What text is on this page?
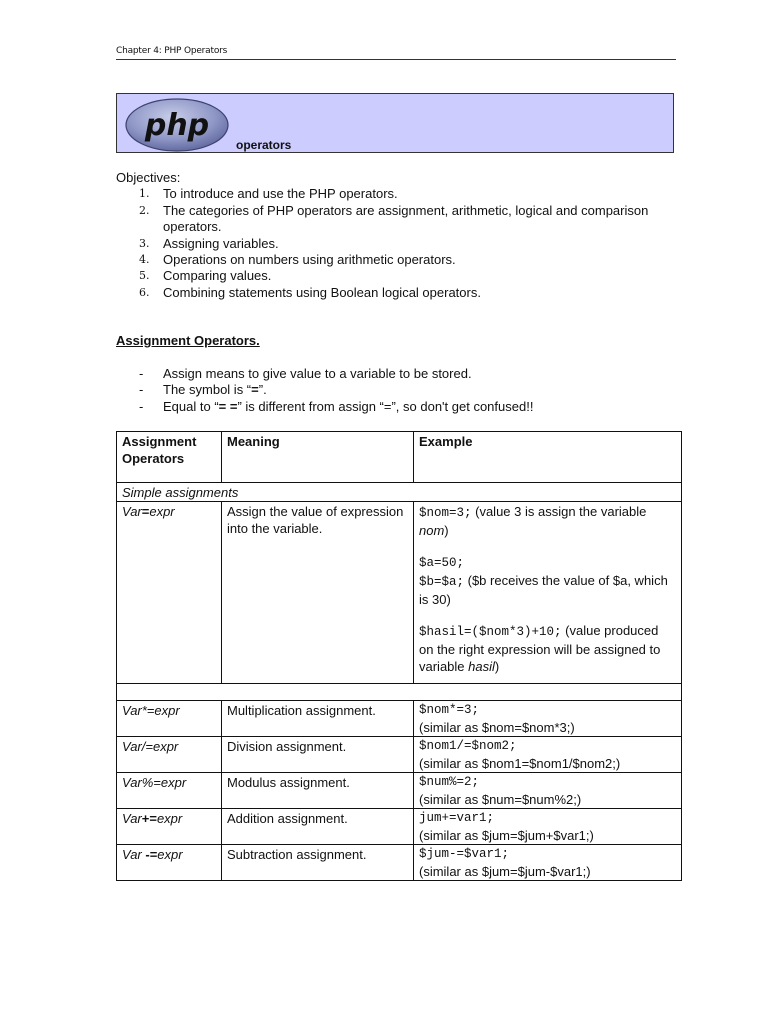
Chapter 4: PHP Operators
php
operators
Objectives:
1. To introduce and use the PHP operators.
2. The categories of PHP operators are assignment, arithmetic, logical and comparison operators.
3. Assigning variables.
4. Operations on numbers using arithmetic operators.
5. Comparing values.
6. Combining statements using Boolean logical operators.
Assignment Operators.
- Assign means to give value to a variable to be stored.
- The symbol is “=”.
- Equal to “= =” is different from assign “=”, so don't get confused!!
Assignment Operators	Meaning	Example
Simple assignments		
Var=expr	Assign the value of expression into the variable.	$nom=3; (value 3 is assign the variable nom)
$a=50;
$b=$a; ($b receives the value of $a, which is 30)
$hasil=($nom*3)+10; (value produced on the right expression will be assigned to variable hasil)

Var*=expr	Multiplication assignment.	$nom*=3;
(similar as $nom=$nom*3;)

Var/=expr	Division assignment.	$nom1/=$nom2;
(similar as $nom1=$nom1/$nom2;)

Var%=expr	Modulus assignment.	$num%=2;
(similar as $num=$num%2;)

Var+=expr	Addition assignment.	jum+=var1;
(similar as $jum=$jum+$var1;)

Var -=expr	Subtraction assignment.	$jum-=$var1;
(similar as $jum=$jum-$var1;)
